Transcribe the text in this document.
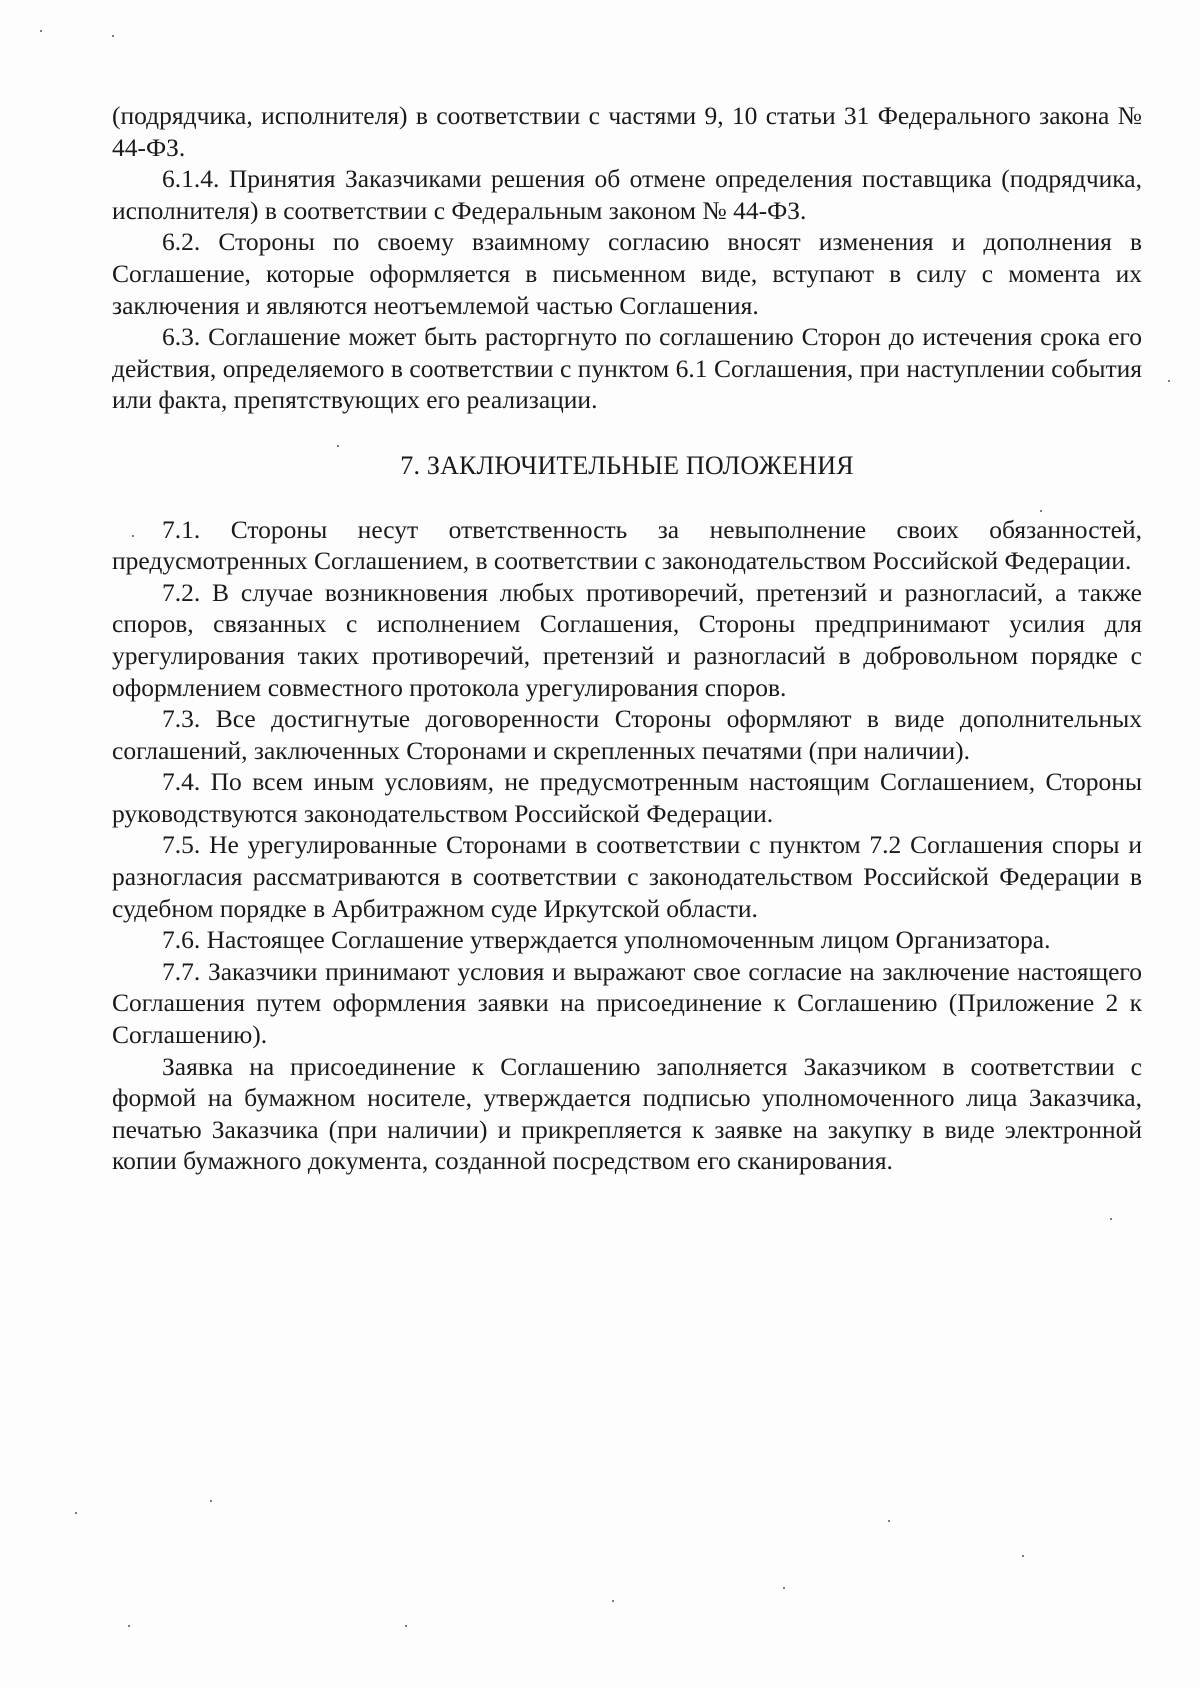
(подрядчика, исполнителя) в соответствии с частями 9, 10 статьи 31 Федерального закона № 44-ФЗ.

6.1.4. Принятия Заказчиками решения об отмене определения поставщика (подрядчика, исполнителя) в соответствии с Федеральным законом № 44-ФЗ.

6.2. Стороны по своему взаимному согласию вносят изменения и дополнения в Соглашение, которые оформляется в письменном виде, вступают в силу с момента их заключения и являются неотъемлемой частью Соглашения.

6.3. Соглашение может быть расторгнуто по соглашению Сторон до истечения срока его действия, определяемого в соответствии с пунктом 6.1 Соглашения, при наступлении события или факта, препятствующих его реализации.

7. ЗАКЛЮЧИТЕЛЬНЫЕ ПОЛОЖЕНИЯ

7.1. Стороны несут ответственность за невыполнение своих обязанностей, предусмотренных Соглашением, в соответствии с законодательством Российской Федерации.

7.2. В случае возникновения любых противоречий, претензий и разногласий, а также споров, связанных с исполнением Соглашения, Стороны предпринимают усилия для урегулирования таких противоречий, претензий и разногласий в добровольном порядке с оформлением совместного протокола урегулирования споров.

7.3. Все достигнутые договоренности Стороны оформляют в виде дополнительных соглашений, заключенных Сторонами и скрепленных печатями (при наличии).

7.4. По всем иным условиям, не предусмотренным настоящим Соглашением, Стороны руководствуются законодательством Российской Федерации.

7.5. Не урегулированные Сторонами в соответствии с пунктом 7.2 Соглашения споры и разногласия рассматриваются в соответствии с законодательством Российской Федерации в судебном порядке в Арбитражном суде Иркутской области.

7.6. Настоящее Соглашение утверждается уполномоченным лицом Организатора.

7.7. Заказчики принимают условия и выражают свое согласие на заключение настоящего Соглашения путем оформления заявки на присоединение к Соглашению (Приложение 2 к Соглашению).

Заявка на присоединение к Соглашению заполняется Заказчиком в соответствии с формой на бумажном носителе, утверждается подписью уполномоченного лица Заказчика, печатью Заказчика (при наличии) и прикрепляется к заявке на закупку в виде электронной копии бумажного документа, созданной посредством его сканирования.
